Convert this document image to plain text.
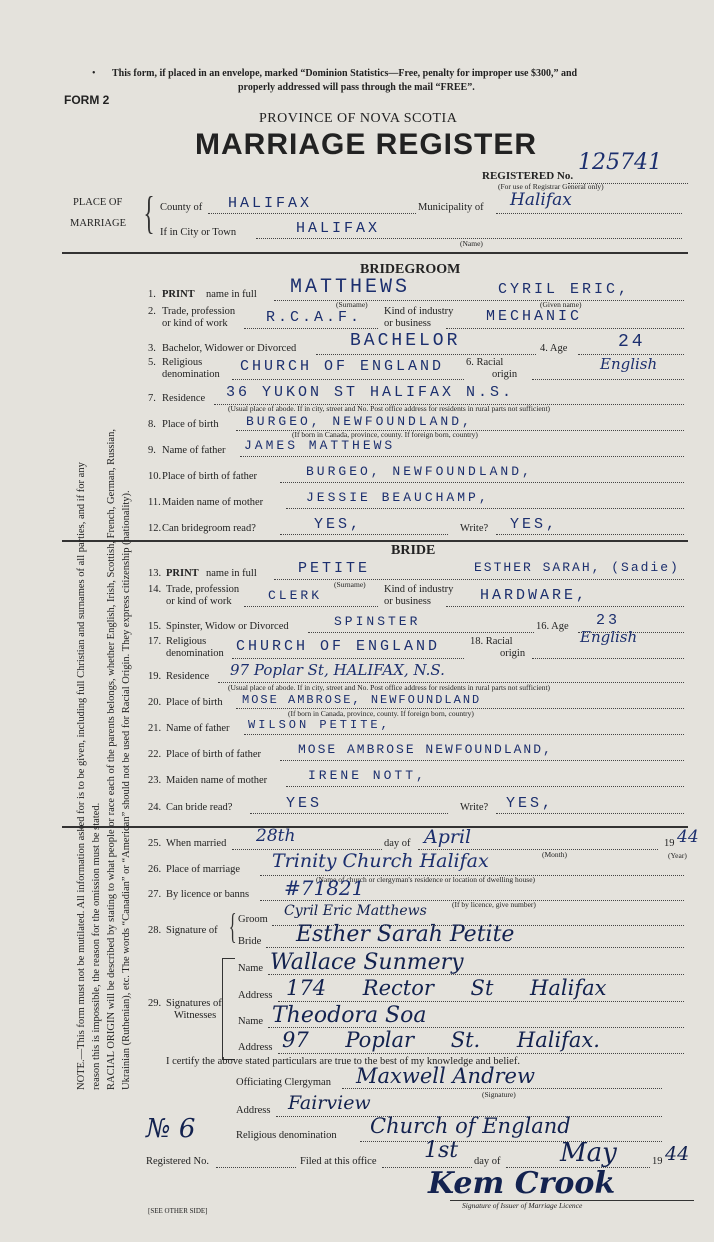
• This form, if placed in an envelope, marked “Dominion Statistics—Free, penalty for improper use $300,” and
properly addressed will pass through the mail “FREE”.
FORM 2
PROVINCE OF NOVA SCOTIA
MARRIAGE REGISTER
125741
REGISTERED No.
(For use of Registrar General only)
PLACE OF
MARRIAGE { County of HALIFAX	Municipality of Halifax
If in City or Town	HALIFAX
(Name)
BRIDEGROOM
1. PRINT name in full MATTHEWS	CYRIL ERIC,
(Surname)	(Given name)
2. Trade, profession
or kind of work	R.C.A.F. Kind of industry
or business	MECHANIC
3. Bachelor, Widower or Divorced	BACHELOR	4. Age	24
5. Religious
denomination CHURCH OF ENGLAND 6. Racial
origin
English
7. Residence 36 YUKON ST HALIFAX N.S.
(Usual place of abode. If in city, street and No. Post office address for residents in rural parts not sufficient)
8. Place of birth BURGEO, NEWFOUNDLAND,
(If born in Canada, province, county. If foreign born, country)
9. Name of father JAMES MATTHEWS
10. Place of birth of father	BURGEO, NEWFOUNDLAND,
11. Maiden name of mother	JESSIE BEAUCHAMP,
12. Can bridegroom read?	YES,	Write? YES,
BRIDE
13. PRINT name in full	PETITE	ESTHER SARAH, (Sadie)
(Surname)
14. Trade, profession
or kind of work	CLERK	Kind of industry
or business	HARDWARE,
15. Spinster, Widow or Divorced	SPINSTER	16. Age 23
17. Religious
denomination CHURCH OF ENGLAND	18. Racial
origin
English
19. Residence 97 Poplar St, HALIFAX, N.S.
(Usual place of abode. If in city, street and No. Post office address for residents in rural parts not sufficient)
20. Place of birth MOSE AMBROSE, NEWFOUNDLAND
(If born in Canada, province, county. If foreign born, country)
21. Name of father WILSON PETITE,
22. Place of birth of father	MOSE AMBROSE NEWFOUNDLAND,
23. Maiden name of mother	IRENE NOTT,
24. Can bride read?	YES	Write? YES,
25. When married 28th	day of April
(Month)
19 44
(Year)
26. Place of marriage Trinity Church Halifax
(Name of church or clergyman's residence or location of dwelling house)
27. By licence or banns #71821
(If by licence, give number)
28. Signature of { Groom
Cyril Eric Matthews
Bride Esther Sarah Petite
29. Signatures of
Witnesses
Name Wallace Sunmery
Address 174 Rector St Halifax
Name Theodora Soa
Address 97 Poplar St. Halifax.
I certify the above stated particulars are true to the best of my knowledge and belief.
Officiating Clergyman Maxwell Andrew
(Signature)
Address Fairview
Religious denomination Church of England
№ 6
Registered No.	Filed at this office 1st day of May	19 44
Kem Crook
Signature of Issuer of Marriage Licence
[SEE OTHER SIDE]
NOTE.—This form must not be mutilated. All information asked for is to be given, including full Christian and surnames of all parties, and if for any reason this is impossible, the reason for the omission must be stated. RACIAL ORIGIN will be described by stating to what people or race each of the parents belongs, whether English, Irish, Scottish, French, German, Russian, Ukrainian (Ruthenian), etc. The words “Canadian” or “American” should not be used for Racial Origin. They express citizenship (nationality).
